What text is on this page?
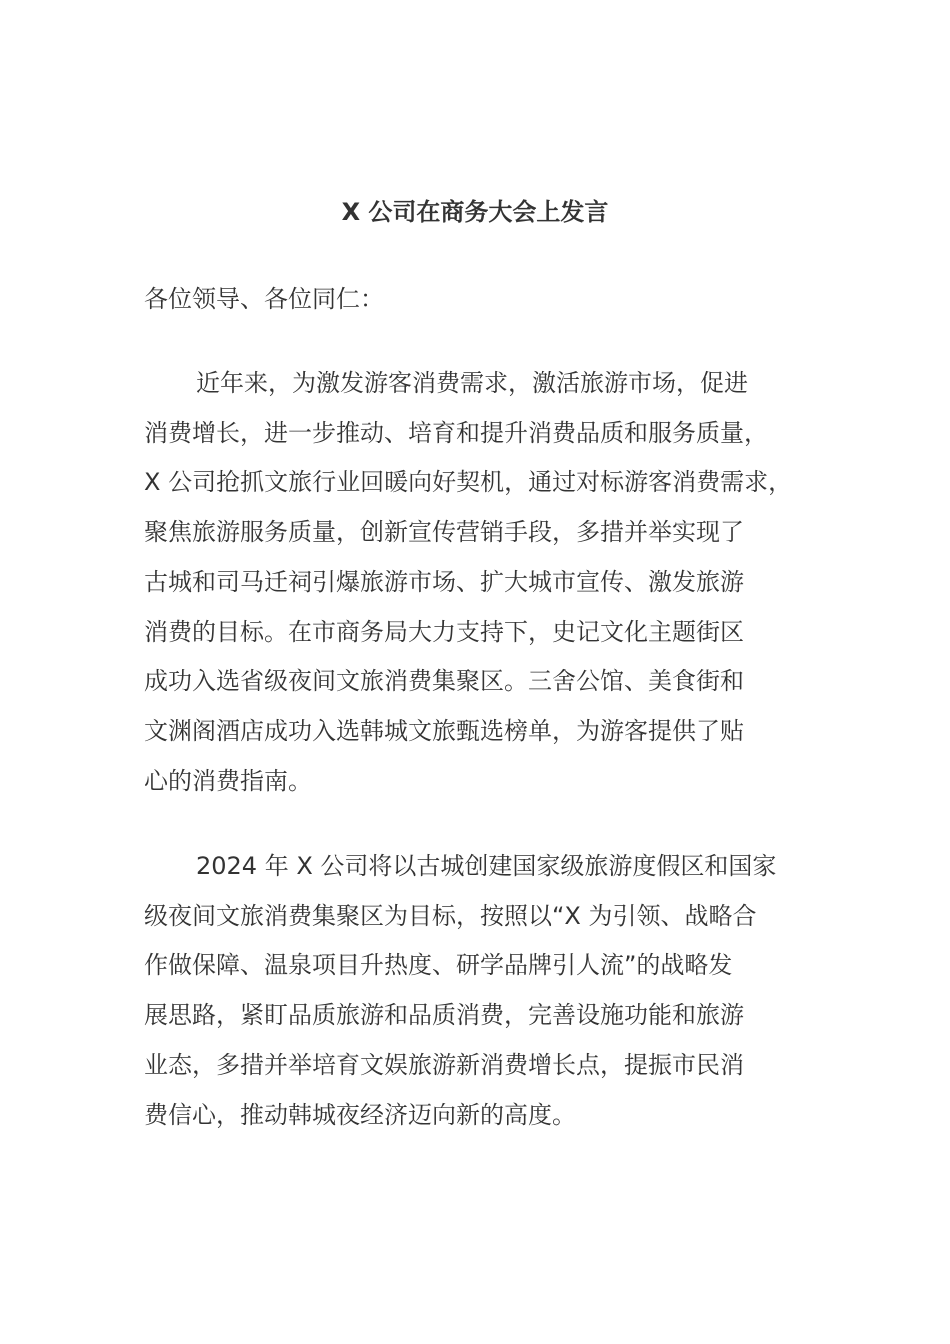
X 公司在商务大会上发言

各位领导、各位同仁：

近年来，为激发游客消费需求，激活旅游市场，促进
消费增长，进一步推动、培育和提升消费品质和服务质量，
X 公司抢抓文旅行业回暖向好契机，通过对标游客消费需求，
聚焦旅游服务质量，创新宣传营销手段，多措并举实现了
古城和司马迁祠引爆旅游市场、扩大城市宣传、激发旅游
消费的目标。在市商务局大力支持下，史记文化主题街区
成功入选省级夜间文旅消费集聚区。三舍公馆、美食街和
文渊阁酒店成功入选韩城文旅甄选榜单，为游客提供了贴
心的消费指南。
2024 年 X 公司将以古城创建国家级旅游度假区和国家
级夜间文旅消费集聚区为目标，按照以“X 为引领、战略合
作做保障、温泉项目升热度、研学品牌引人流”的战略发
展思路，紧盯品质旅游和品质消费，完善设施功能和旅游
业态，多措并举培育文娱旅游新消费增长点，提振市民消
费信心，推动韩城夜经济迈向新的高度。
